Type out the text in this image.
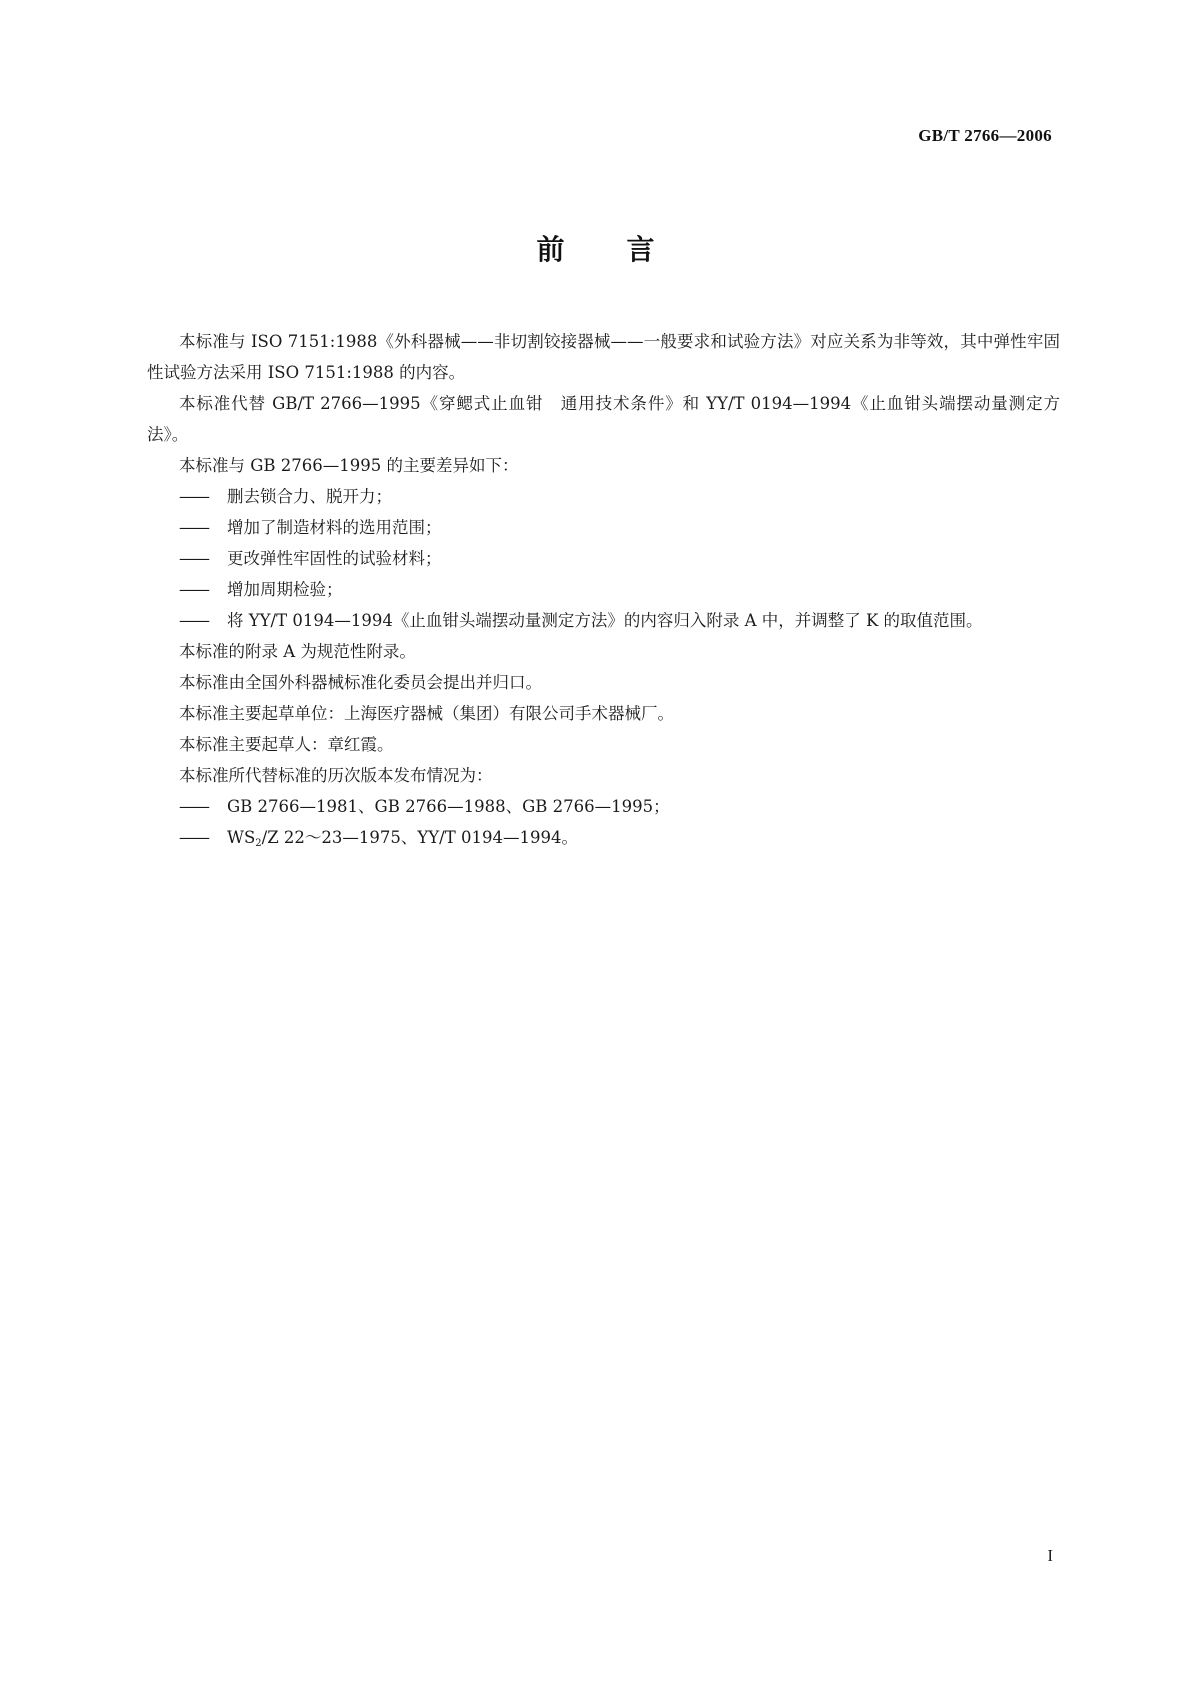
GB/T 2766—2006
前 言

本标准与 ISO 7151:1988《外科器械——非切割铰接器械——一般要求和试验方法》对应关系为非等效，其中弹性牢固性试验方法采用 ISO 7151:1988 的内容。

本标准代替 GB/T 2766—1995《穿鳃式止血钳　通用技术条件》和 YY/T 0194—1994《止血钳头端摆动量测定方法》。

本标准与 GB 2766—1995 的主要差异如下：

—— 删去锁合力、脱开力；

—— 增加了制造材料的选用范围；

—— 更改弹性牢固性的试验材料；

—— 增加周期检验；

—— 将 YY/T 0194—1994《止血钳头端摆动量测定方法》的内容归入附录 A 中，并调整了 K 的取值范围。

本标准的附录 A 为规范性附录。

本标准由全国外科器械标准化委员会提出并归口。

本标准主要起草单位：上海医疗器械（集团）有限公司手术器械厂。

本标准主要起草人：章红霞。

本标准所代替标准的历次版本发布情况为：

—— GB 2766—1981、GB 2766—1988、GB 2766—1995；

—— $WS_2/Z$ 22～23—1975、YY/T 0194—1994。

I
